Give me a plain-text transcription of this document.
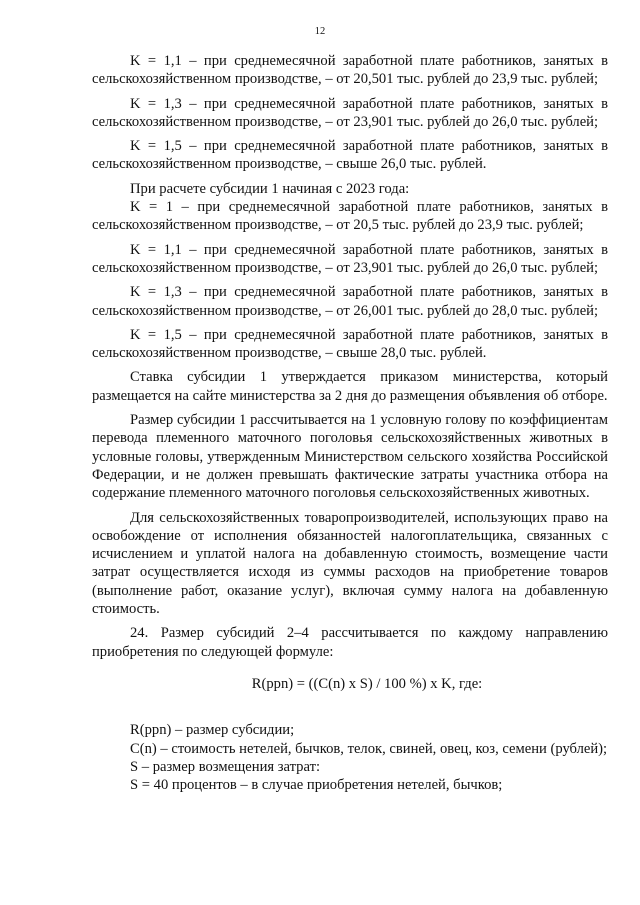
12

K = 1,1 – при среднемесячной заработной плате работников, занятых в сельскохозяйственном производстве, – от 20,501 тыс. рублей до 23,9 тыс. рублей;

K = 1,3 – при среднемесячной заработной плате работников, занятых в сельскохозяйственном производстве, – от 23,901 тыс. рублей до 26,0 тыс. рублей;

K = 1,5 – при среднемесячной заработной плате работников, занятых в сельскохозяйственном производстве, – свыше 26,0 тыс. рублей.

При расчете субсидии 1 начиная с 2023 года:

K = 1 – при среднемесячной заработной плате работников, занятых в сельскохозяйственном производстве, – от 20,5 тыс. рублей до 23,9 тыс. рублей;

K = 1,1 – при среднемесячной заработной плате работников, занятых в сельскохозяйственном производстве, – от 23,901 тыс. рублей до 26,0 тыс. рублей;

K = 1,3 – при среднемесячной заработной плате работников, занятых в сельскохозяйственном производстве, – от 26,001 тыс. рублей до 28,0 тыс. рублей;

K = 1,5 – при среднемесячной заработной плате работников, занятых в сельскохозяйственном производстве, – свыше 28,0 тыс. рублей.

Ставка субсидии 1 утверждается приказом министерства, который размещается на сайте министерства за 2 дня до размещения объявления об отборе.

Размер субсидии 1 рассчитывается на 1 условную голову по коэффициентам перевода племенного маточного поголовья сельскохозяйственных животных в условные головы, утвержденным Министерством сельского хозяйства Российской Федерации, и не должен превышать фактические затраты участника отбора на содержание племенного маточного поголовья сельскохозяйственных животных.

Для сельскохозяйственных товаропроизводителей, использующих право на освобождение от исполнения обязанностей налогоплательщика, связанных с исчислением и уплатой налога на добавленную стоимость, возмещение части затрат осуществляется исходя из суммы расходов на приобретение товаров (выполнение работ, оказание услуг), включая сумму налога на добавленную стоимость.

24. Размер субсидий 2–4 рассчитывается по каждому направлению приобретения по следующей формуле:

R(ppn) = ((C(n) x S) / 100 %) x K, где:

R(ppn) – размер субсидии;

C(n) – стоимость нетелей, бычков, телок, свиней, овец, коз, семени (рублей);

S – размер возмещения затрат:

S = 40 процентов – в случае приобретения нетелей, бычков;
